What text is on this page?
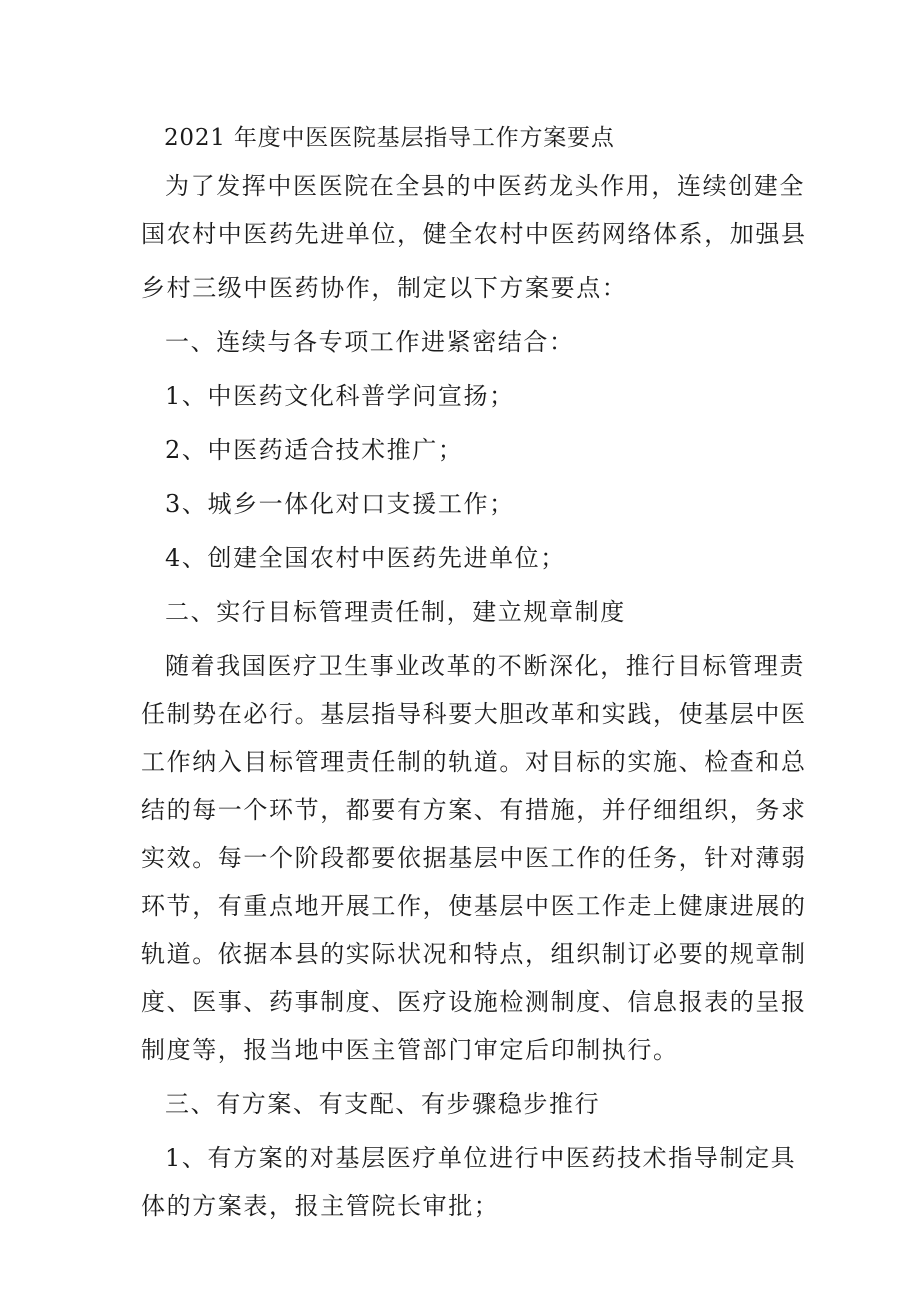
2021 年度中医医院基层指导工作方案要点
为了发挥中医医院在全县的中医药龙头作用，连续创建全
国农村中医药先进单位，健全农村中医药网络体系，加强县
乡村三级中医药协作，制定以下方案要点：
一、连续与各专项工作进紧密结合：
1、中医药文化科普学问宣扬；
2、中医药适合技术推广；
3、城乡一体化对口支援工作；
4、创建全国农村中医药先进单位；
二、实行目标管理责任制，建立规章制度
随着我国医疗卫生事业改革的不断深化，推行目标管理责
任制势在必行。基层指导科要大胆改革和实践，使基层中医
工作纳入目标管理责任制的轨道。对目标的实施、检查和总
结的每一个环节，都要有方案、有措施，并仔细组织，务求
实效。每一个阶段都要依据基层中医工作的任务，针对薄弱
环节，有重点地开展工作，使基层中医工作走上健康进展的
轨道。依据本县的实际状况和特点，组织制订必要的规章制
度、医事、药事制度、医疗设施检测制度、信息报表的呈报
制度等，报当地中医主管部门审定后印制执行。
三、有方案、有支配、有步骤稳步推行
1、有方案的对基层医疗单位进行中医药技术指导制定具
体的方案表，报主管院长审批；
